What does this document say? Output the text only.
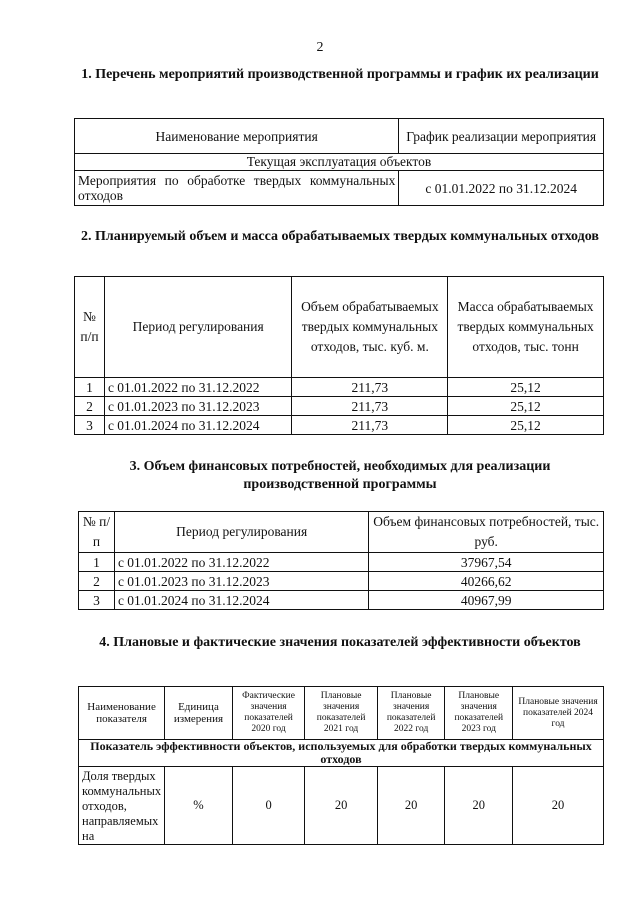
2
1. Перечень мероприятий производственной программы и график их реализации
Наименование мероприятия	График реализации мероприятия
Текущая эксплуатация объектов	
Мероприятия по обработке твердых коммунальных отходов	с 01.01.2022 по 31.12.2024
2. Планируемый объем и масса обрабатываемых твердых коммунальных отходов
№ п/п	Период регулирования	Объем обрабатываемых твердых коммунальных отходов, тыс. куб. м.	Масса обрабатываемых твердых коммунальных отходов, тыс. тонн
1	с 01.01.2022 по 31.12.2022	211,73	25,12
2	с 01.01.2023 по 31.12.2023	211,73	25,12
3	с 01.01.2024 по 31.12.2024	211,73	25,12
3. Объем финансовых потребностей, необходимых для реализации производственной программы
№ п/п	Период регулирования	Объем финансовых потребностей, тыс. руб.
1	с 01.01.2022 по 31.12.2022	37967,54
2	с 01.01.2023 по 31.12.2023	40266,62
3	с 01.01.2024 по 31.12.2024	40967,99
4. Плановые и фактические значения показателей эффективности объектов
Наименование показателя	Единица измерения	Фактические значения показателей 2020 год	Плановые значения показателей 2021 год	Плановые значения показателей 2022 год	Плановые значения показателей 2023 год	Плановые значения показателей 2024 год
Показатель эффективности объектов, используемых для обработки твердых коммунальных отходов						
Доля твердых коммунальных отходов, направляемых на	%	0	20	20	20	20
